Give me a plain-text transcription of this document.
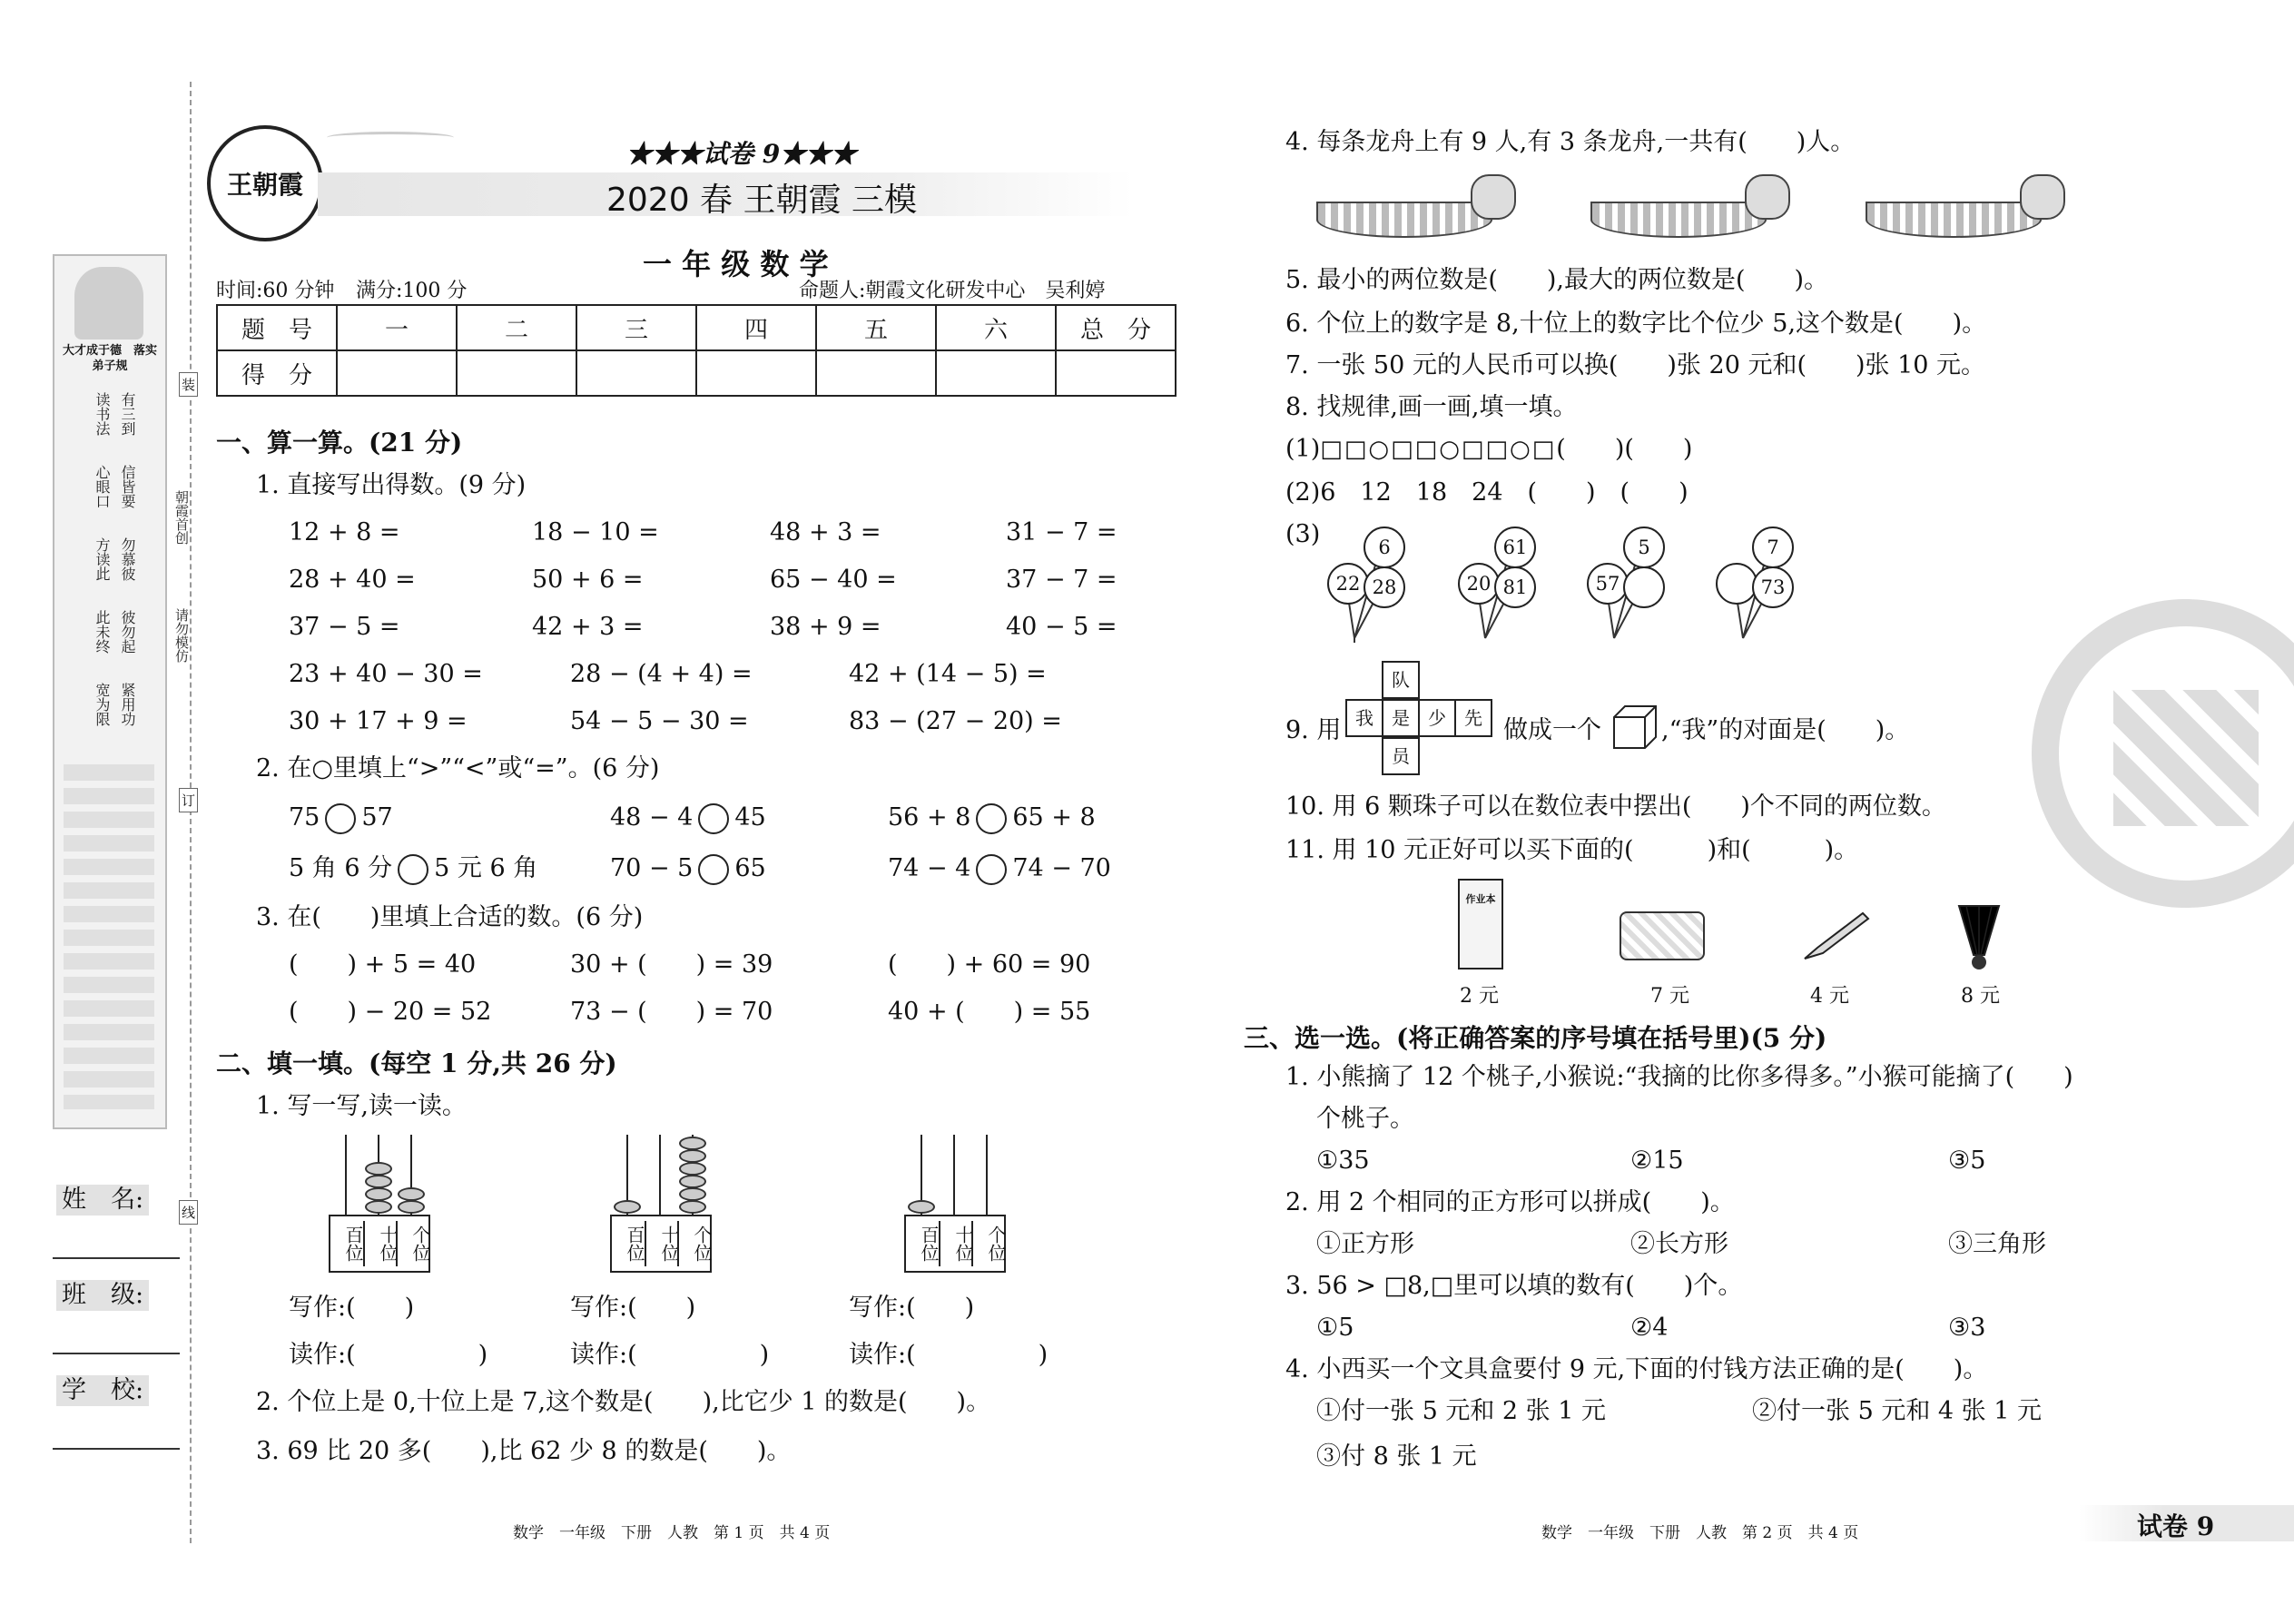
大才成于德　落实弟子规
读书法 有三到
心眼口 信皆要
方读此 勿慕彼
此未终 彼勿起
宽为限 紧用功
朝霞首创
请勿模仿
装
订
线
姓　名:
班　级:
学　校:
王朝霞
★★★试卷 9★★★
2020 春 王朝霞 三模
一 年 级 数 学
时间:60 分钟 满分:100 分	命题人:朝霞文化研发中心　吴利婷
题　号	一	二	三	四	五	六	总　分
得　分							
一、算一算。(21 分)
1. 直接写出得数。(9 分)
12 + 8 =	18 − 10 =	48 + 3 =	31 − 7 =
28 + 40 =	50 + 6 =	65 − 40 =	37 − 7 =
37 − 5 =	42 + 3 =	38 + 9 =	40 − 5 =
23 + 40 − 30 =	28 − (4 + 4) =	42 + (14 − 5) =
30 + 17 + 9 =	54 − 5 − 30 =	83 − (27 − 20) =
2. 在○里填上“>”“<”或“=”。(6 分)
75 57	48 − 4 45	56 + 8 65 + 8
5 角 6 分 5 元 6 角	70 − 5 65	74 − 4 74 − 70
3. 在(　　)里填上合适的数。(6 分)
(　　) + 5 = 40	30 + (　　) = 39	(　　) + 60 = 90
(　　) − 20 = 52	73 − (　　) = 70	40 + (　　) = 55
二、填一填。(每空 1 分,共 26 分)
1. 写一写,读一读。
百位 十位 个位	百位 十位 个位	百位 十位 个位
写作:(　　)	写作:(　　)	写作:(　　)
读作:(　　　　　)	读作:(　　　　　)	读作:(　　　　　)
2. 个位上是 0,十位上是 7,这个数是(　　),比它少 1 的数是(　　)。
3. 69 比 20 多(　　),比 62 少 8 的数是(　　)。
数学　一年级　下册　人教　第 1 页　共 4 页
4. 每条龙舟上有 9 人,有 3 条龙舟,一共有(　　)人。
5. 最小的两位数是(　　),最大的两位数是(　　)。
6. 个位上的数字是 8,十位上的数字比个位少 5,这个数是(　　)。
7. 一张 50 元的人民币可以换(　　)张 20 元和(　　)张 10 元。
8. 找规律,画一画,填一填。
(1)□□○□□○□□○□(　　)(　　)
(2)6　12　18　24　(　　)　(　　)
(3)	6
22 28
61
20 81
5
57
7
73
9. 用
队
我	是	少	先
员
做成一个 ,“我”的对面是(　　)。
10. 用 6 颗珠子可以在数位表中摆出(　　)个不同的两位数。
11. 用 10 元正好可以买下面的(　　　)和(　　　)。
作业本
2 元	7 元	4 元	8 元
三、选一选。(将正确答案的序号填在括号里)(5 分)
1. 小熊摘了 12 个桃子,小猴说:“我摘的比你多得多。”小猴可能摘了(　　)
个桃子。
①35	②15	③5
2. 用 2 个相同的正方形可以拼成(　　)。
①正方形	②长方形	③三角形
3. 56 > □8,□里可以填的数有(　　)个。
①5	②4	③3
4. 小西买一个文具盒要付 9 元,下面的付钱方法正确的是(　　)。
①付一张 5 元和 2 张 1 元	②付一张 5 元和 4 张 1 元
③付 8 张 1 元
数学　一年级　下册　人教　第 2 页　共 4 页	试卷 9
